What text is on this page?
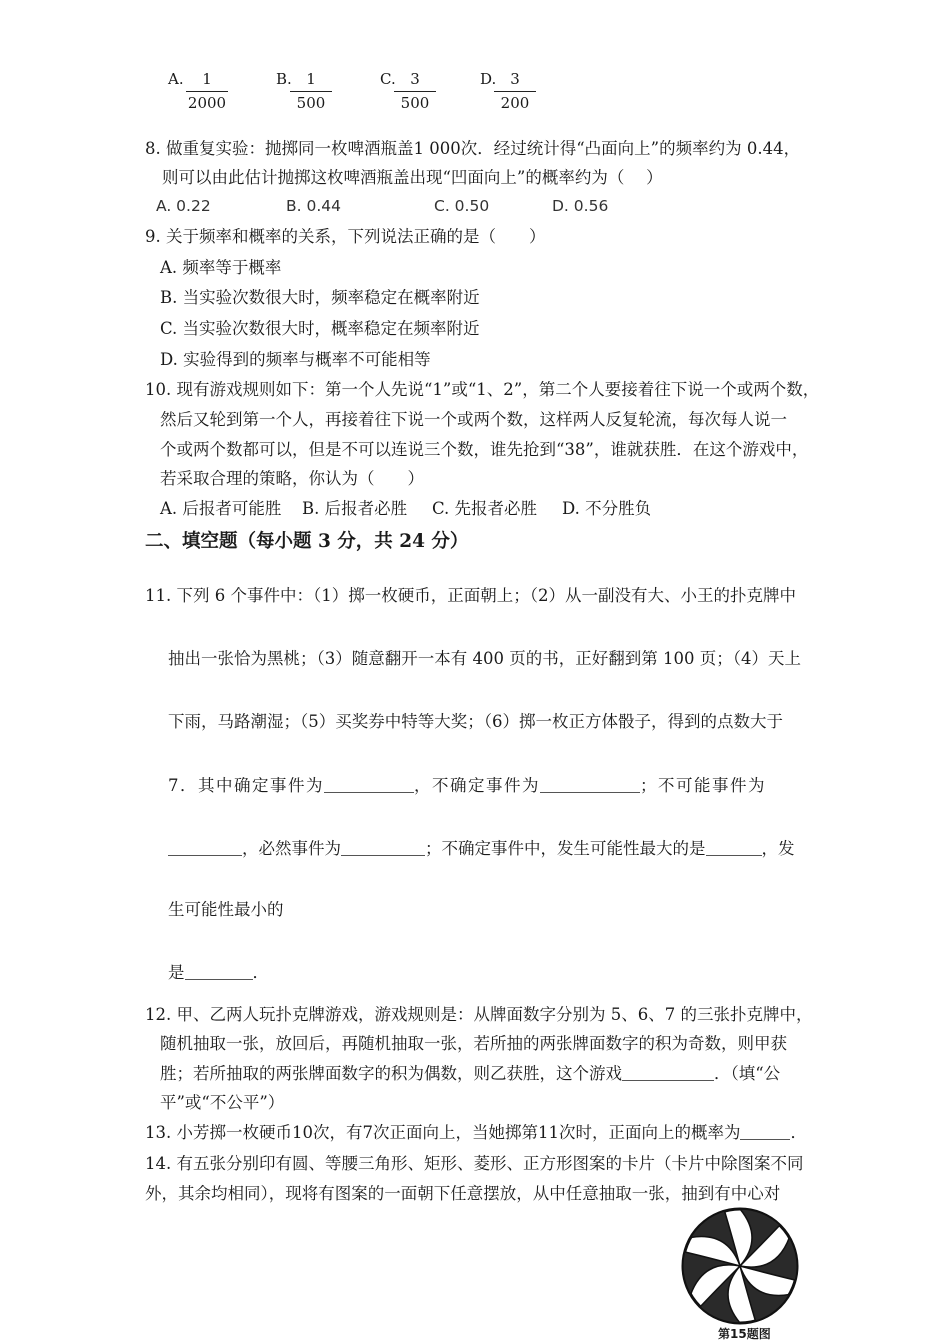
A. $\frac{1}{2000}$	B.
$\frac{1}{500}$	C.
$\frac{3}{500}$	D.
$\frac{3}{200}$
8. 做重复实验：抛掷同一枚啤酒瓶盖1 000次．经过统计得“凸面向上”的频率约为 0.44，
则可以由此估计抛掷这枚啤酒瓶盖出现“凹面向上”的概率约为（　 ）
A. 0.22	B. 0.44	C. 0.50	D. 0.56
9. 关于频率和概率的关系，下列说法正确的是（　　）
A. 频率等于概率
B. 当实验次数很大时，频率稳定在概率附近
C. 当实验次数很大时，概率稳定在频率附近
D. 实验得到的频率与概率不可能相等
10. 现有游戏规则如下：第一个人先说“1”或“1、2”，第二个人要接着往下说一个或两个数，
然后又轮到第一个人，再接着往下说一个或两个数，这样两人反复轮流，每次每人说一
个或两个数都可以，但是不可以连说三个数，谁先抢到“38”，谁就获胜．在这个游戏中，
若采取合理的策略，你认为（　　）
A. 后报者可能胜 B. 后报者必胜 C. 先报者必胜 D. 不分胜负
二、填空题（每小题 3 分，共 24 分）
11. 下列 6 个事件中：（1）掷一枚硬币，正面朝上；（2）从一副没有大、小王的扑克牌中
抽出一张恰为黑桃；（3）随意翻开一本有 400 页的书，正好翻到第 100 页；（4）天上
下雨，马路潮湿；（5）买奖券中特等大奖；（6）掷一枚正方体骰子，得到的点数大于
7．其中确定事件为	，不确定事件为	；不可能事件为
，必然事件为	；不确定事件中，发生可能性最大的是	，发
生可能性最小的
是	．
12. 甲、乙两人玩扑克牌游戏，游戏规则是：从牌面数字分别为 5、6、7 的三张扑克牌中，
随机抽取一张，放回后，再随机抽取一张，若所抽的两张牌面数字的积为奇数，则甲获
胜；若所抽取的两张牌面数字的积为偶数，则乙获胜，这个游戏	．（填“公
平”或“不公平”）
13. 小芳掷一枚硬币10次，有7次正面向上，当她掷第11次时，正面向上的概率为	．
14. 有五张分别印有圆、等腰三角形、矩形、菱形、正方形图案的卡片（卡片中除图案不同
外，其余均相同），现将有图案的一面朝下任意摆放，从中任意抽取一张，抽到有中心对
第15题图
